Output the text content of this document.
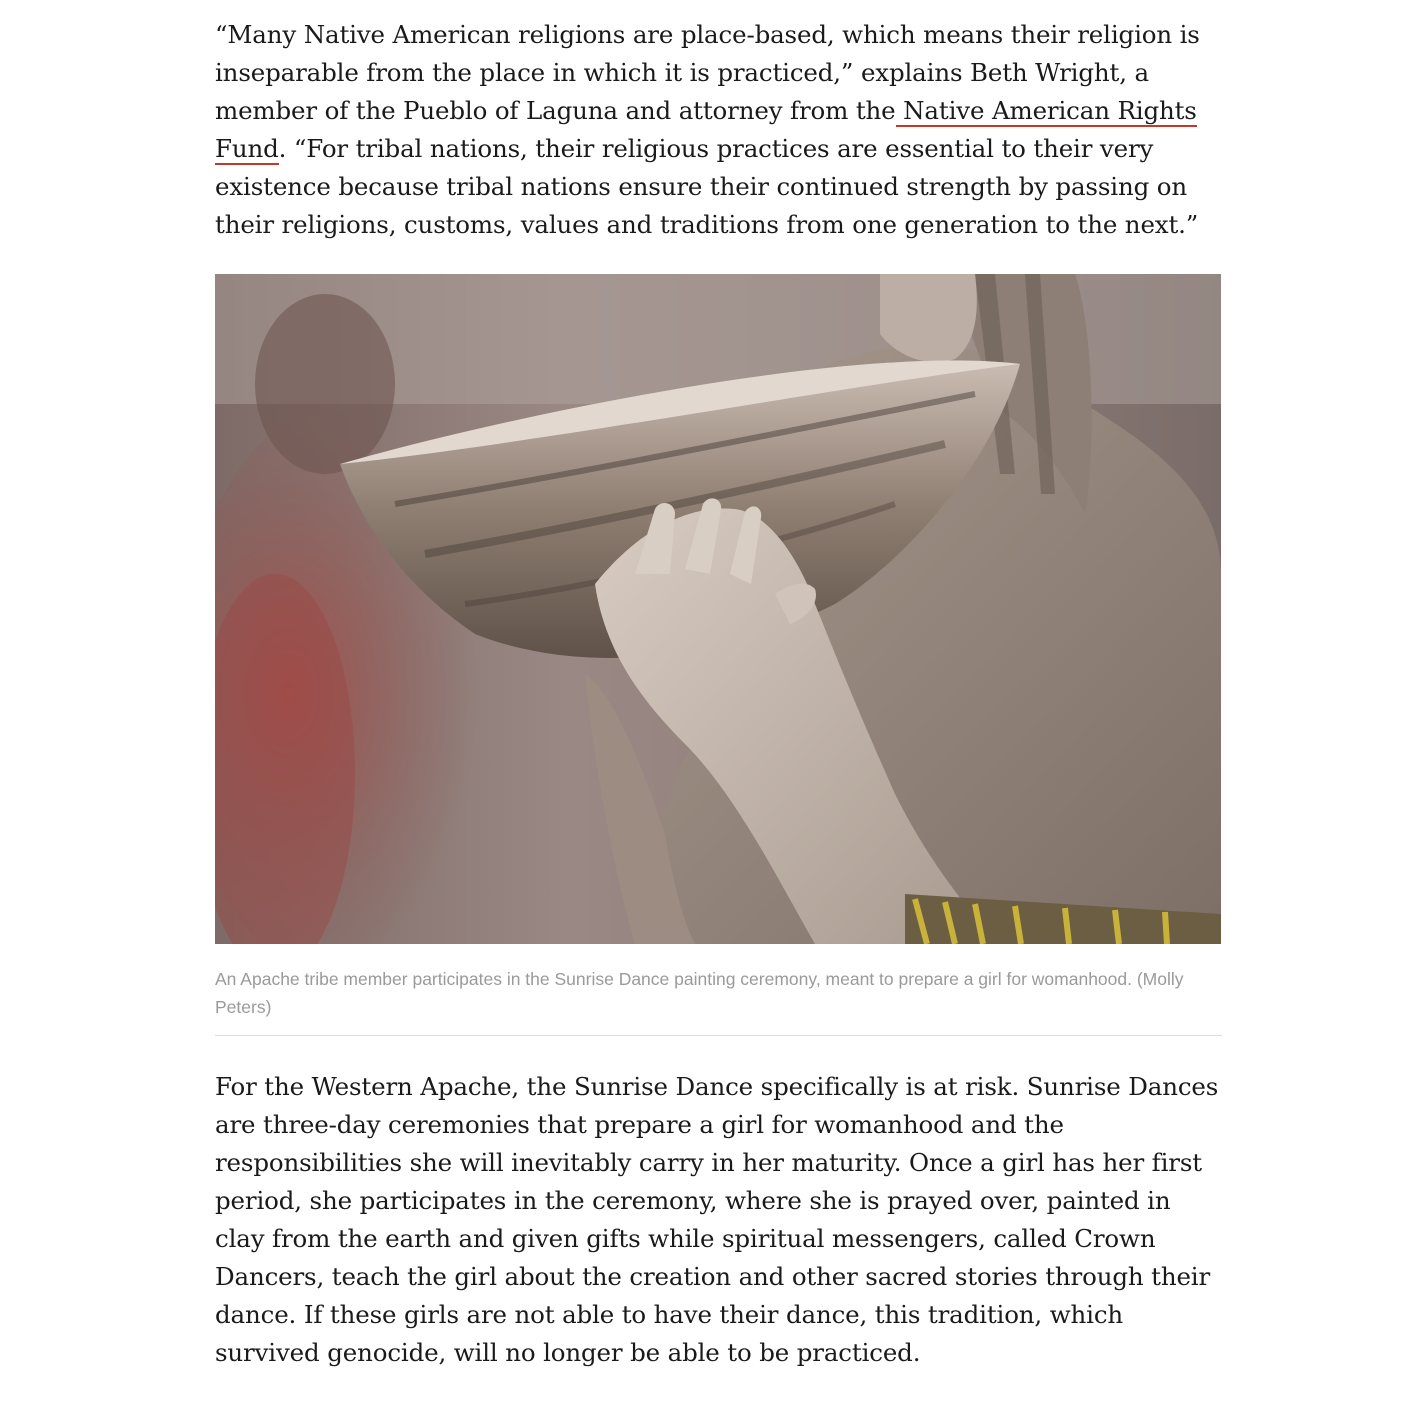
“Many Native American religions are place-based, which means their religion is inseparable from the place in which it is practiced,” explains Beth Wright, a member of the Pueblo of Laguna and attorney from the Native American Rights Fund. “For tribal nations, their religious practices are essential to their very existence because tribal nations ensure their continued strength by passing on their religions, customs, values and traditions from one generation to the next.”

An Apache tribe member participates in the Sunrise Dance painting ceremony, meant to prepare a girl for womanhood. (Molly Peters)

For the Western Apache, the Sunrise Dance specifically is at risk. Sunrise Dances are three-day ceremonies that prepare a girl for womanhood and the responsibilities she will inevitably carry in her maturity. Once a girl has her first period, she participates in the ceremony, where she is prayed over, painted in clay from the earth and given gifts while spiritual messengers, called Crown Dancers, teach the girl about the creation and other sacred stories through their dance. If these girls are not able to have their dance, this tradition, which survived genocide, will no longer be able to be practiced.
